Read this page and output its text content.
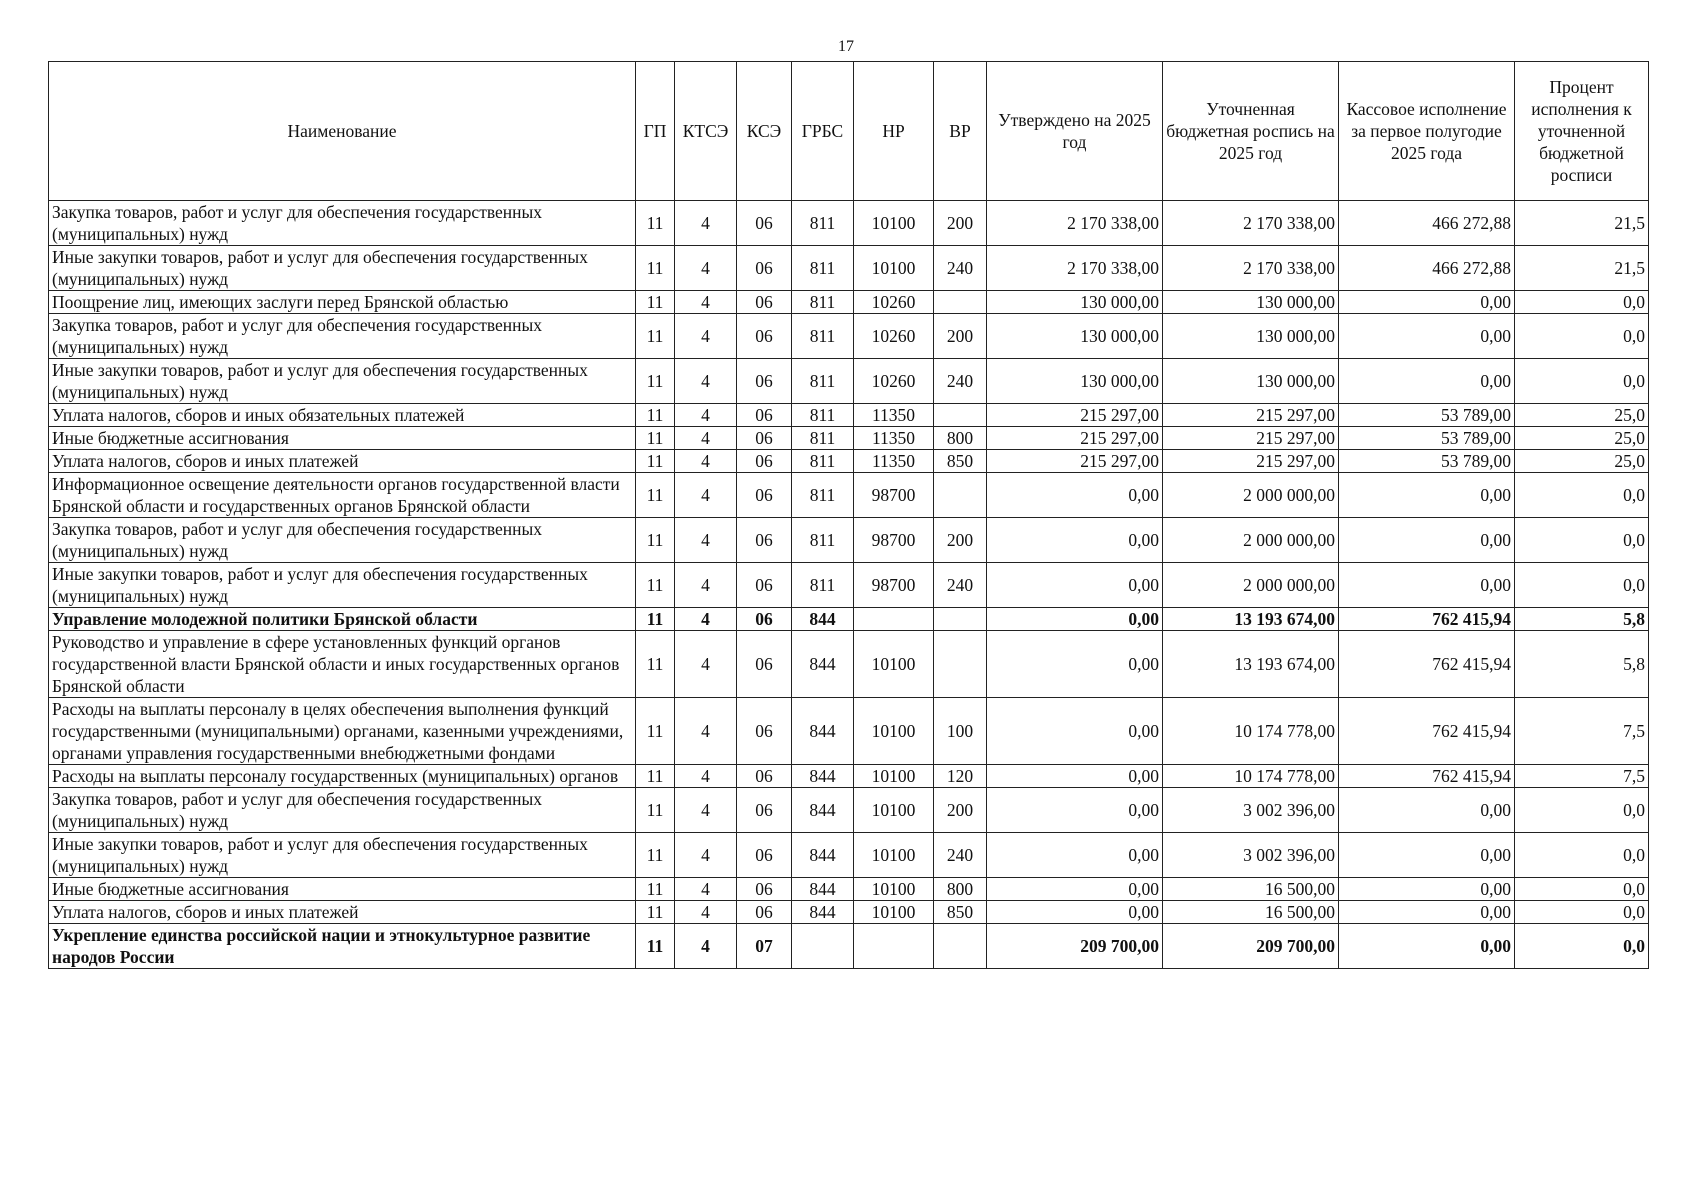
17
Наименование	ГП	КТСЭ	КСЭ	ГРБС	НР	ВР	Утверждено на 2025 год	Уточненная бюджетная роспись на 2025 год	Кассовое исполнение за первое полугодие 2025 года	Процент исполнения к уточненной бюджетной росписи
Закупка товаров, работ и услуг для обеспечения государственных (муниципальных) нужд	11	4	06	811	10100	200	2 170 338,00	2 170 338,00	466 272,88	21,5
Иные закупки товаров, работ и услуг для обеспечения государственных (муниципальных) нужд	11	4	06	811	10100	240	2 170 338,00	2 170 338,00	466 272,88	21,5
Поощрение лиц, имеющих заслуги перед Брянской областью	11	4	06	811	10260		130 000,00	130 000,00	0,00	0,0
Закупка товаров, работ и услуг для обеспечения государственных (муниципальных) нужд	11	4	06	811	10260	200	130 000,00	130 000,00	0,00	0,0
Иные закупки товаров, работ и услуг для обеспечения государственных (муниципальных) нужд	11	4	06	811	10260	240	130 000,00	130 000,00	0,00	0,0
Уплата налогов, сборов и иных обязательных платежей	11	4	06	811	11350		215 297,00	215 297,00	53 789,00	25,0
Иные бюджетные ассигнования	11	4	06	811	11350	800	215 297,00	215 297,00	53 789,00	25,0
Уплата налогов, сборов и иных платежей	11	4	06	811	11350	850	215 297,00	215 297,00	53 789,00	25,0
Информационное освещение деятельности органов государственной власти Брянской области и государственных органов Брянской области	11	4	06	811	98700		0,00	2 000 000,00	0,00	0,0
Закупка товаров, работ и услуг для обеспечения государственных (муниципальных) нужд	11	4	06	811	98700	200	0,00	2 000 000,00	0,00	0,0
Иные закупки товаров, работ и услуг для обеспечения государственных (муниципальных) нужд	11	4	06	811	98700	240	0,00	2 000 000,00	0,00	0,0
Управление молодежной политики Брянской области	11	4	06	844			0,00	13 193 674,00	762 415,94	5,8
Руководство и управление в сфере установленных функций органов государственной власти Брянской области и иных государственных органов Брянской области	11	4	06	844	10100		0,00	13 193 674,00	762 415,94	5,8
Расходы на выплаты персоналу в целях обеспечения выполнения функций государственными (муниципальными) органами, казенными учреждениями, органами управления государственными внебюджетными фондами	11	4	06	844	10100	100	0,00	10 174 778,00	762 415,94	7,5
Расходы на выплаты персоналу государственных (муниципальных) органов	11	4	06	844	10100	120	0,00	10 174 778,00	762 415,94	7,5
Закупка товаров, работ и услуг для обеспечения государственных (муниципальных) нужд	11	4	06	844	10100	200	0,00	3 002 396,00	0,00	0,0
Иные закупки товаров, работ и услуг для обеспечения государственных (муниципальных) нужд	11	4	06	844	10100	240	0,00	3 002 396,00	0,00	0,0
Иные бюджетные ассигнования	11	4	06	844	10100	800	0,00	16 500,00	0,00	0,0
Уплата налогов, сборов и иных платежей	11	4	06	844	10100	850	0,00	16 500,00	0,00	0,0
Укрепление единства российской нации и этнокультурное развитие народов России	11	4	07				209 700,00	209 700,00	0,00	0,0
